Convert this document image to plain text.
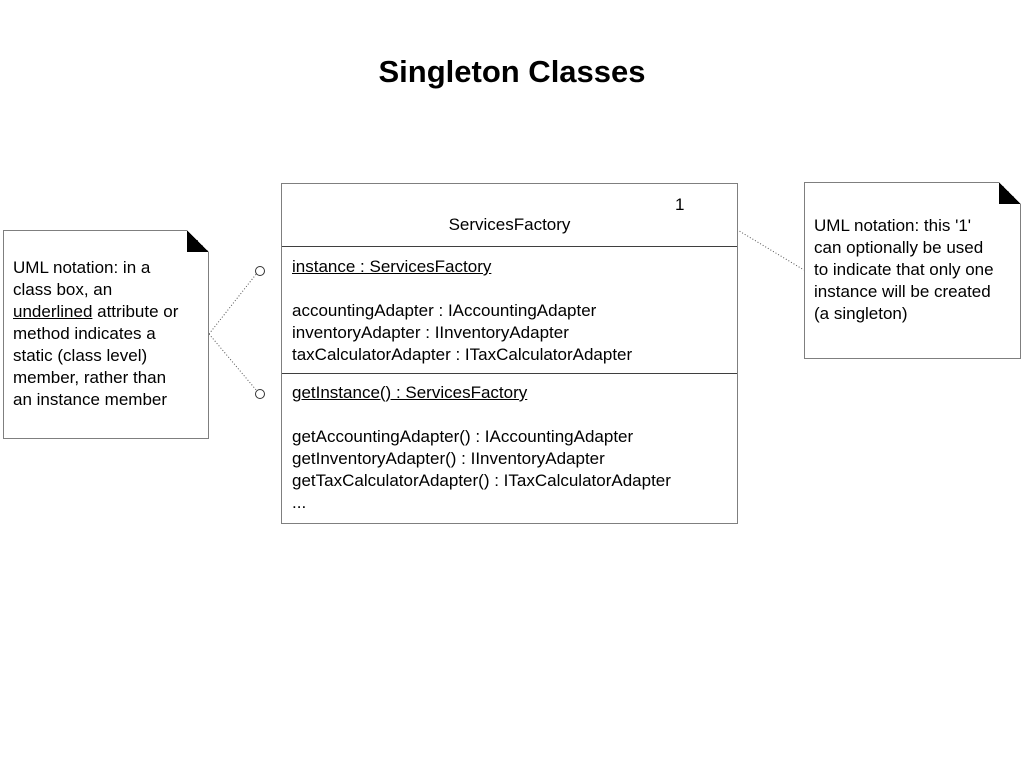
Singleton Classes
UML notation: in a
class box, an
underlined attribute or
method indicates a
static (class level)
member, rather than
an instance member
1
ServicesFactory
instance : ServicesFactory
accountingAdapter : IAccountingAdapter
inventoryAdapter : IInventoryAdapter
taxCalculatorAdapter : ITaxCalculatorAdapter
getInstance() : ServicesFactory
getAccountingAdapter() : IAccountingAdapter
getInventoryAdapter() : IInventoryAdapter
getTaxCalculatorAdapter() : ITaxCalculatorAdapter
...
UML notation: this '1'
can optionally be used
to indicate that only one
instance will be created
(a singleton)
